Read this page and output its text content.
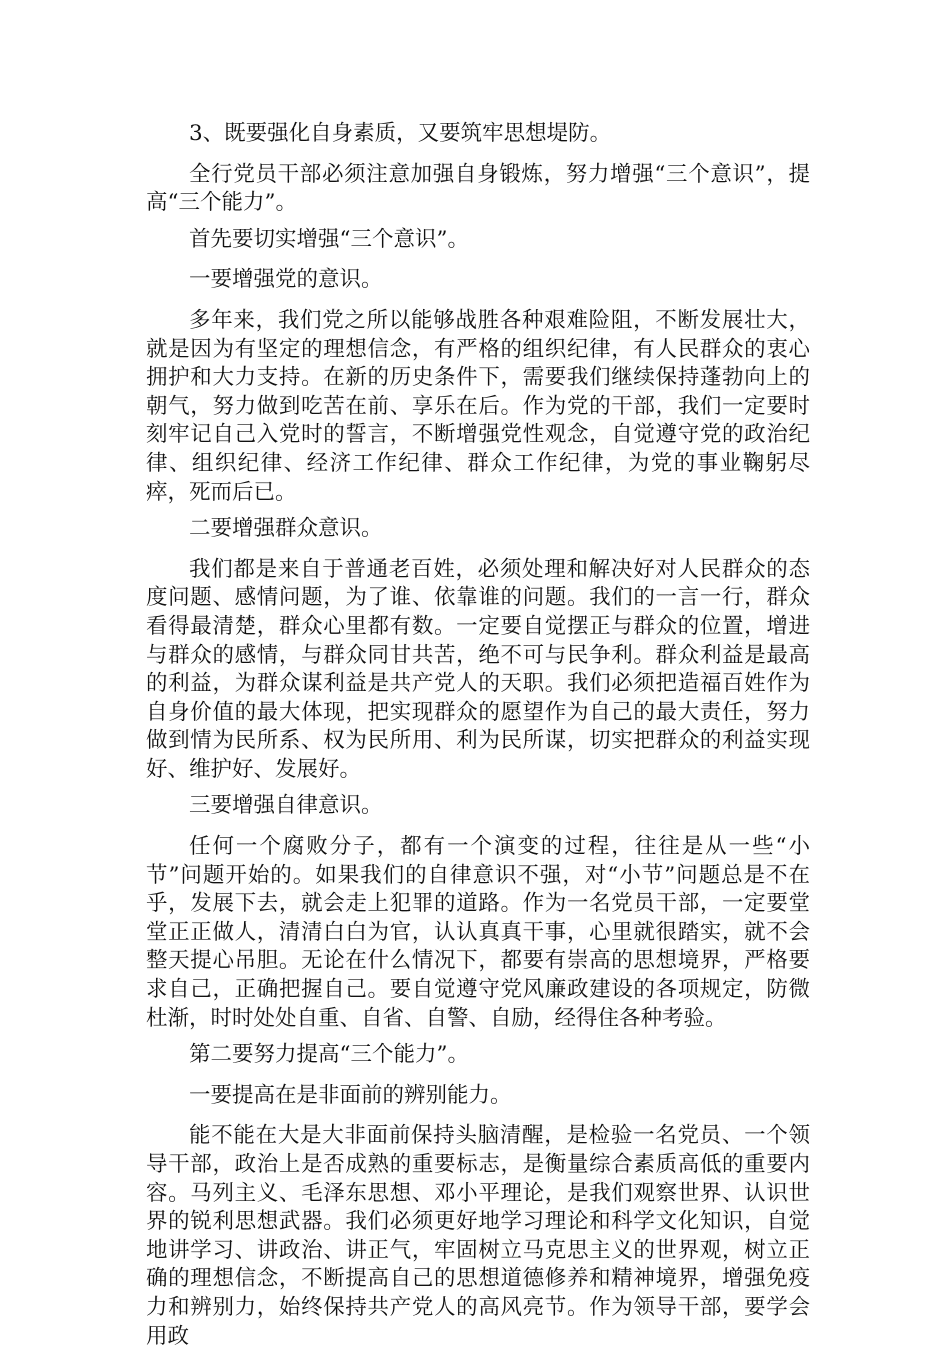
3、既要强化自身素质，又要筑牢思想堤防。

全行党员干部必须注意加强自身锻炼，努力增强“三个意识”，提高“三个能力”。

首先要切实增强“三个意识”。

一要增强党的意识。

多年来，我们党之所以能够战胜各种艰难险阻，不断发展壮大，就是因为有坚定的理想信念，有严格的组织纪律，有人民群众的衷心拥护和大力支持。在新的历史条件下，需要我们继续保持蓬勃向上的朝气，努力做到吃苦在前、享乐在后。作为党的干部，我们一定要时刻牢记自己入党时的誓言，不断增强党性观念，自觉遵守党的政治纪律、组织纪律、经济工作纪律、群众工作纪律，为党的事业鞠躬尽瘁，死而后已。

二要增强群众意识。

我们都是来自于普通老百姓，必须处理和解决好对人民群众的态度问题、感情问题，为了谁、依靠谁的问题。我们的一言一行，群众看得最清楚，群众心里都有数。一定要自觉摆正与群众的位置，增进与群众的感情，与群众同甘共苦，绝不可与民争利。群众利益是最高的利益，为群众谋利益是共产党人的天职。我们必须把造福百姓作为自身价值的最大体现，把实现群众的愿望作为自己的最大责任，努力做到情为民所系、权为民所用、利为民所谋，切实把群众的利益实现好、维护好、发展好。

三要增强自律意识。

任何一个腐败分子，都有一个演变的过程，往往是从一些“小节”问题开始的。如果我们的自律意识不强，对“小节”问题总是不在乎，发展下去，就会走上犯罪的道路。作为一名党员干部，一定要堂堂正正做人，清清白白为官，认认真真干事，心里就很踏实，就不会整天提心吊胆。无论在什么情况下，都要有崇高的思想境界，严格要求自己，正确把握自己。要自觉遵守党风廉政建设的各项规定，防微杜渐，时时处处自重、自省、自警、自励，经得住各种考验。

第二要努力提高“三个能力”。

一要提高在是非面前的辨别能力。

能不能在大是大非面前保持头脑清醒，是检验一名党员、一个领导干部，政治上是否成熟的重要标志，是衡量综合素质高低的重要内容。马列主义、毛泽东思想、邓小平理论，是我们观察世界、认识世界的锐利思想武器。我们必须更好地学习理论和科学文化知识，自觉地讲学习、讲政治、讲正气，牢固树立马克思主义的世界观，树立正确的理想信念，不断提高自己的思想道德修养和精神境界，增强免疫力和辨别力，始终保持共产党人的高风亮节。作为领导干部，要学会用政
